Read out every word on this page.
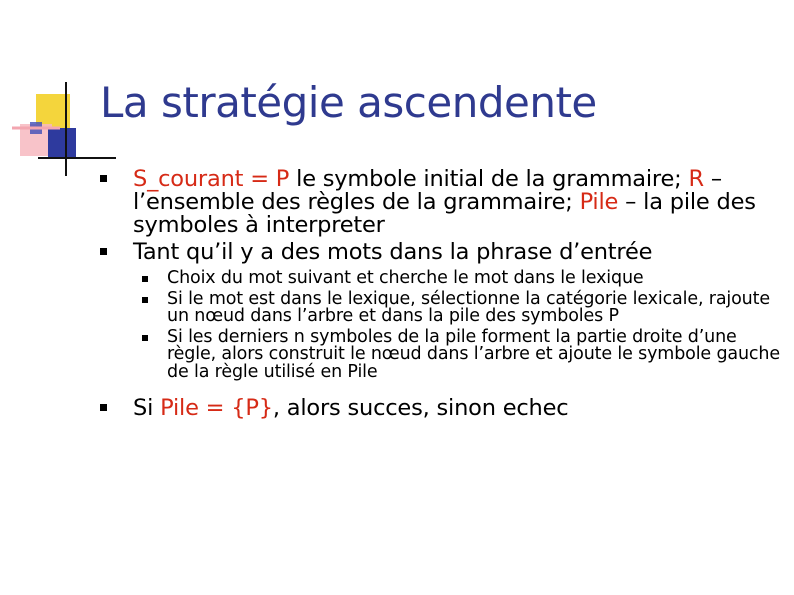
La stratégie ascendente
S_courant = P le symbole initial de la grammaire; R – l’ensemble des règles de la grammaire; Pile – la pile des symboles à interpreter
Tant qu’il y a des mots dans la phrase d’entrée
Choix du mot suivant et cherche le mot dans le lexique
Si le mot est dans le lexique, sélectionne la catégorie lexicale, rajoute un nœud dans l’arbre et dans la pile des symboles P
Si les derniers n symboles de la pile forment la partie droite d’une règle, alors construit le nœud dans l’arbre et ajoute le symbole gauche de la règle utilisé en Pile
Si Pile = {P}, alors succes, sinon echec
